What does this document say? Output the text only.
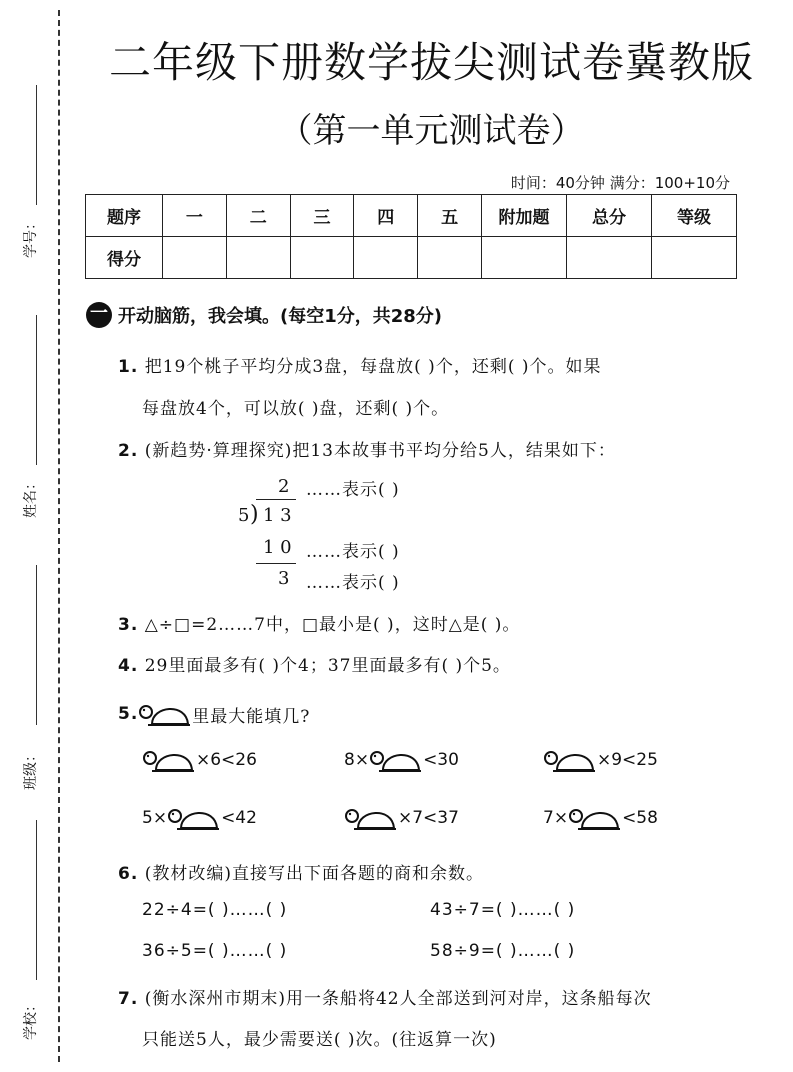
学号：
姓名：
班级：
学校：
二年级下册数学拔尖测试卷冀教版
（第一单元测试卷）
时间：40分钟 满分：100+10分
题序	一	二	三	四	五	附加题	总分	等级
得分								
一 开动脑筋，我会填。(每空1分，共28分)
1. 把19个桃子平均分成3盘，每盘放( )个，还剩( )个。如果
每盘放4个，可以放( )盘，还剩( )个。
2. (新趋势·算理探究)把13本故事书平均分给5人，结果如下：
2
5 ) 1 3
1 0
3
……表示( )
……表示( )
……表示( )
3. △÷□=2……7中，□最小是( )，这时△是( )。
4. 29里面最多有( )个4；37里面最多有( )个5。
5.	里最大能填几?
×6<26	8×	<30	×9<25
5×	<42	×7<37	7×	<58
6. (教材改编)直接写出下面各题的商和余数。
22÷4=( )……( )	43÷7=( )……( )
36÷5=( )……( )	58÷9=( )……( )
7. (衡水深州市期末)用一条船将42人全部送到河对岸，这条船每次
只能送5人，最少需要送( )次。(往返算一次)
